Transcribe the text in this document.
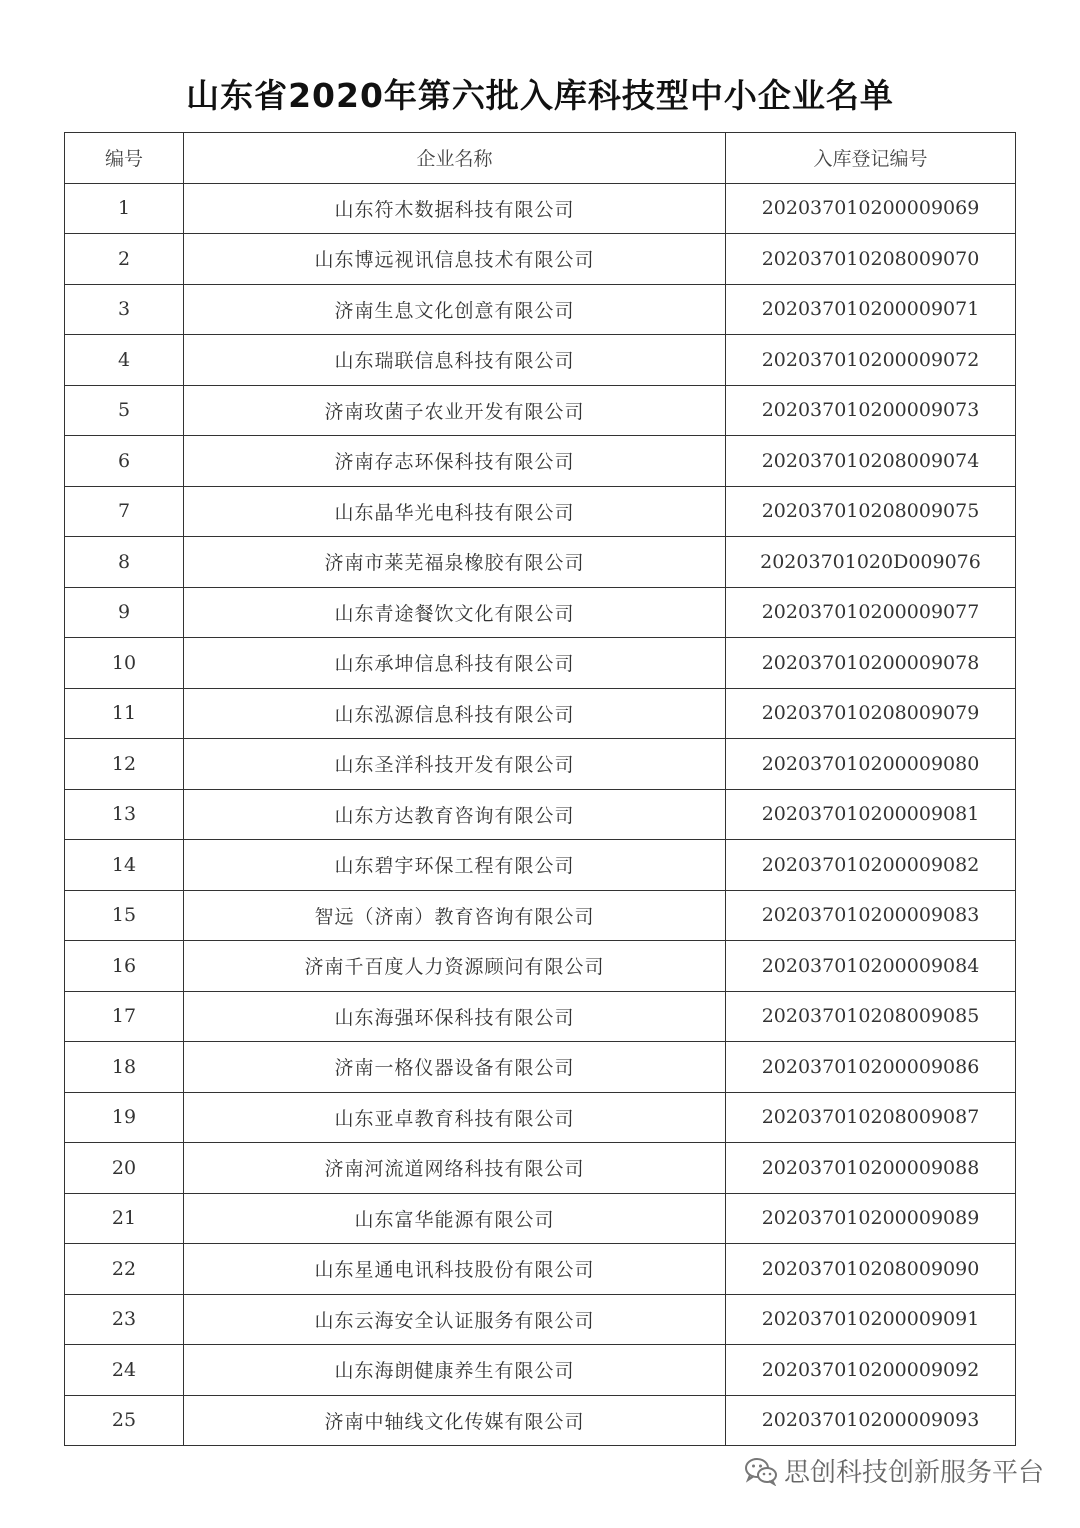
山东省2020年第六批入库科技型中小企业名单
编号	企业名称	入库登记编号
1	山东符木数据科技有限公司	202037010200009069
2	山东博远视讯信息技术有限公司	202037010208009070
3	济南生息文化创意有限公司	202037010200009071
4	山东瑞联信息科技有限公司	202037010200009072
5	济南玫菌子农业开发有限公司	202037010200009073
6	济南存志环保科技有限公司	202037010208009074
7	山东晶华光电科技有限公司	202037010208009075
8	济南市莱芜福泉橡胶有限公司	20203701020D009076
9	山东青途餐饮文化有限公司	202037010200009077
10	山东承坤信息科技有限公司	202037010200009078
11	山东泓源信息科技有限公司	202037010208009079
12	山东圣洋科技开发有限公司	202037010200009080
13	山东方达教育咨询有限公司	202037010200009081
14	山东碧宇环保工程有限公司	202037010200009082
15	智远（济南）教育咨询有限公司	202037010200009083
16	济南千百度人力资源顾问有限公司	202037010200009084
17	山东海强环保科技有限公司	202037010208009085
18	济南一格仪器设备有限公司	202037010200009086
19	山东亚卓教育科技有限公司	202037010208009087
20	济南河流道网络科技有限公司	202037010200009088
21	山东富华能源有限公司	202037010200009089
22	山东星通电讯科技股份有限公司	202037010208009090
23	山东云海安全认证服务有限公司	202037010200009091
24	山东海朗健康养生有限公司	202037010200009092
25	济南中轴线文化传媒有限公司	202037010200009093
思创科技创新服务平台
